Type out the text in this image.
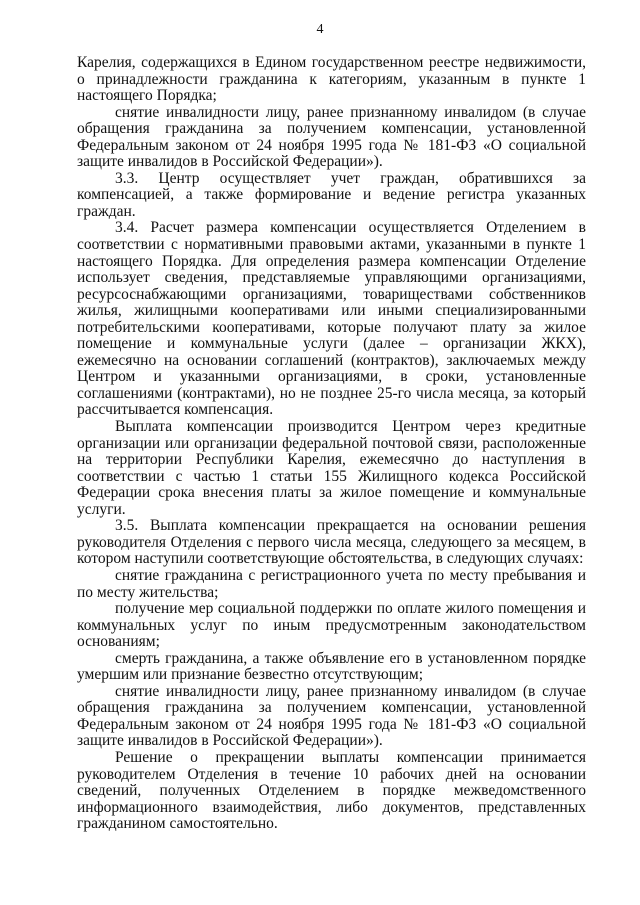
4

Карелия, содержащихся в Едином государственном реестре недвижимости, о принадлежности гражданина к категориям, указанным в пункте 1 настоящего Порядка;

снятие инвалидности лицу, ранее признанному инвалидом (в случае обращения гражданина за получением компенсации, установленной Федеральным законом от 24 ноября 1995 года № 181-ФЗ «О социальной защите инвалидов в Российской Федерации»).

3.3. Центр осуществляет учет граждан, обратившихся за компенсацией, а также формирование и ведение регистра указанных граждан.

3.4. Расчет размера компенсации осуществляется Отделением в соответствии с нормативными правовыми актами, указанными в пункте 1 настоящего Порядка. Для определения размера компенсации Отделение использует сведения, представляемые управляющими организациями, ресурсоснабжающими организациями, товариществами собственников жилья, жилищными кооперативами или иными специализированными потребительскими кооперативами, которые получают плату за жилое помещение и коммунальные услуги (далее – организации ЖКХ), ежемесячно на основании соглашений (контрактов), заключаемых между Центром и указанными организациями, в сроки, установленные соглашениями (контрактами), но не позднее 25-го числа месяца, за который рассчитывается компенсация.

Выплата компенсации производится Центром через кредитные организации или организации федеральной почтовой связи, расположенные на территории Республики Карелия, ежемесячно до наступления в соответствии с частью 1 статьи 155 Жилищного кодекса Российской Федерации срока внесения платы за жилое помещение и коммунальные услуги.

3.5. Выплата компенсации прекращается на основании решения руководителя Отделения с первого числа месяца, следующего за месяцем, в котором наступили соответствующие обстоятельства, в следующих случаях:

снятие гражданина с регистрационного учета по месту пребывания и по месту жительства;

получение мер социальной поддержки по оплате жилого помещения и коммунальных услуг по иным предусмотренным законодательством основаниям;

смерть гражданина, а также объявление его в установленном порядке умершим или признание безвестно отсутствующим;

снятие инвалидности лицу, ранее признанному инвалидом (в случае обращения гражданина за получением компенсации, установленной Федеральным законом от 24 ноября 1995 года № 181-ФЗ «О социальной защите инвалидов в Российской Федерации»).

Решение о прекращении выплаты компенсации принимается руководителем Отделения в течение 10 рабочих дней на основании сведений, полученных Отделением в порядке межведомственного информационного взаимодействия, либо документов, представленных гражданином самостоятельно.
